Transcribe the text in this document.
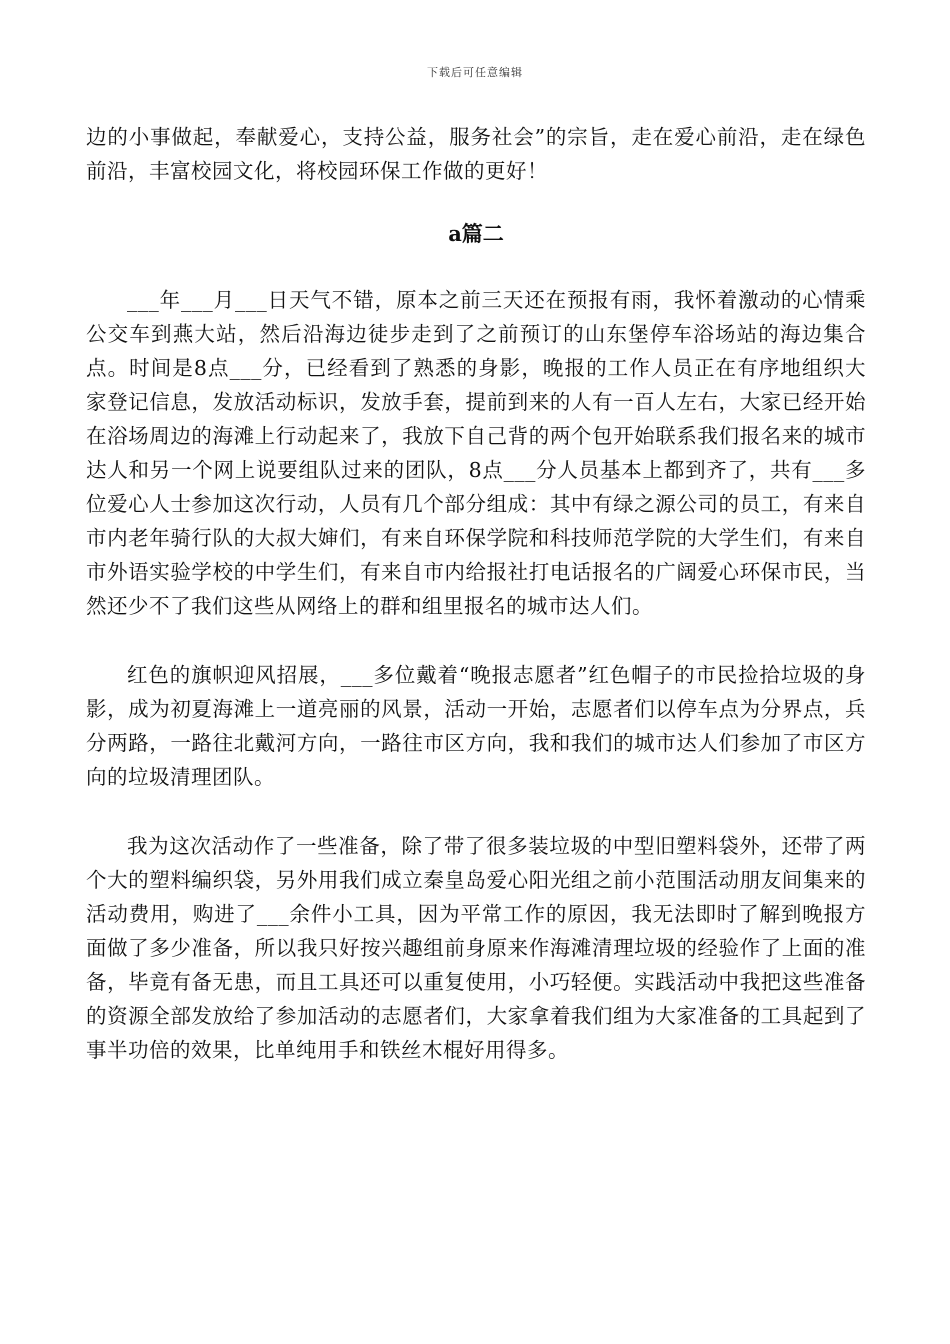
下载后可任意编辑

边的小事做起，奉献爱心，支持公益，服务社会”的宗旨，走在爱心前沿，走在绿色前沿，丰富校园文化，将校园环保工作做的更好！

a篇二

___年___月___日天气不错，原本之前三天还在预报有雨，我怀着激动的心情乘公交车到燕大站，然后沿海边徒步走到了之前预订的山东堡停车浴场站的海边集合点。时间是8点___分，已经看到了熟悉的身影，晚报的工作人员正在有序地组织大家登记信息，发放活动标识，发放手套，提前到来的人有一百人左右，大家已经开始在浴场周边的海滩上行动起来了，我放下自己背的两个包开始联系我们报名来的城市达人和另一个网上说要组队过来的团队，8点___分人员基本上都到齐了，共有___多位爱心人士参加这次行动，人员有几个部分组成：其中有绿之源公司的员工，有来自市内老年骑行队的大叔大婶们，有来自环保学院和科技师范学院的大学生们，有来自市外语实验学校的中学生们，有来自市内给报社打电话报名的广阔爱心环保市民，当然还少不了我们这些从网络上的群和组里报名的城市达人们。

红色的旗帜迎风招展，___多位戴着“晚报志愿者”红色帽子的市民捡拾垃圾的身影，成为初夏海滩上一道亮丽的风景，活动一开始，志愿者们以停车点为分界点，兵分两路，一路往北戴河方向，一路往市区方向，我和我们的城市达人们参加了市区方向的垃圾清理团队。

我为这次活动作了一些准备，除了带了很多装垃圾的中型旧塑料袋外，还带了两个大的塑料编织袋，另外用我们成立秦皇岛爱心阳光组之前小范围活动朋友间集来的活动费用，购进了___余件小工具，因为平常工作的原因，我无法即时了解到晚报方面做了多少准备，所以我只好按兴趣组前身原来作海滩清理垃圾的经验作了上面的准备，毕竟有备无患，而且工具还可以重复使用，小巧轻便。实践活动中我把这些准备的资源全部发放给了参加活动的志愿者们，大家拿着我们组为大家准备的工具起到了事半功倍的效果，比单纯用手和铁丝木棍好用得多。
